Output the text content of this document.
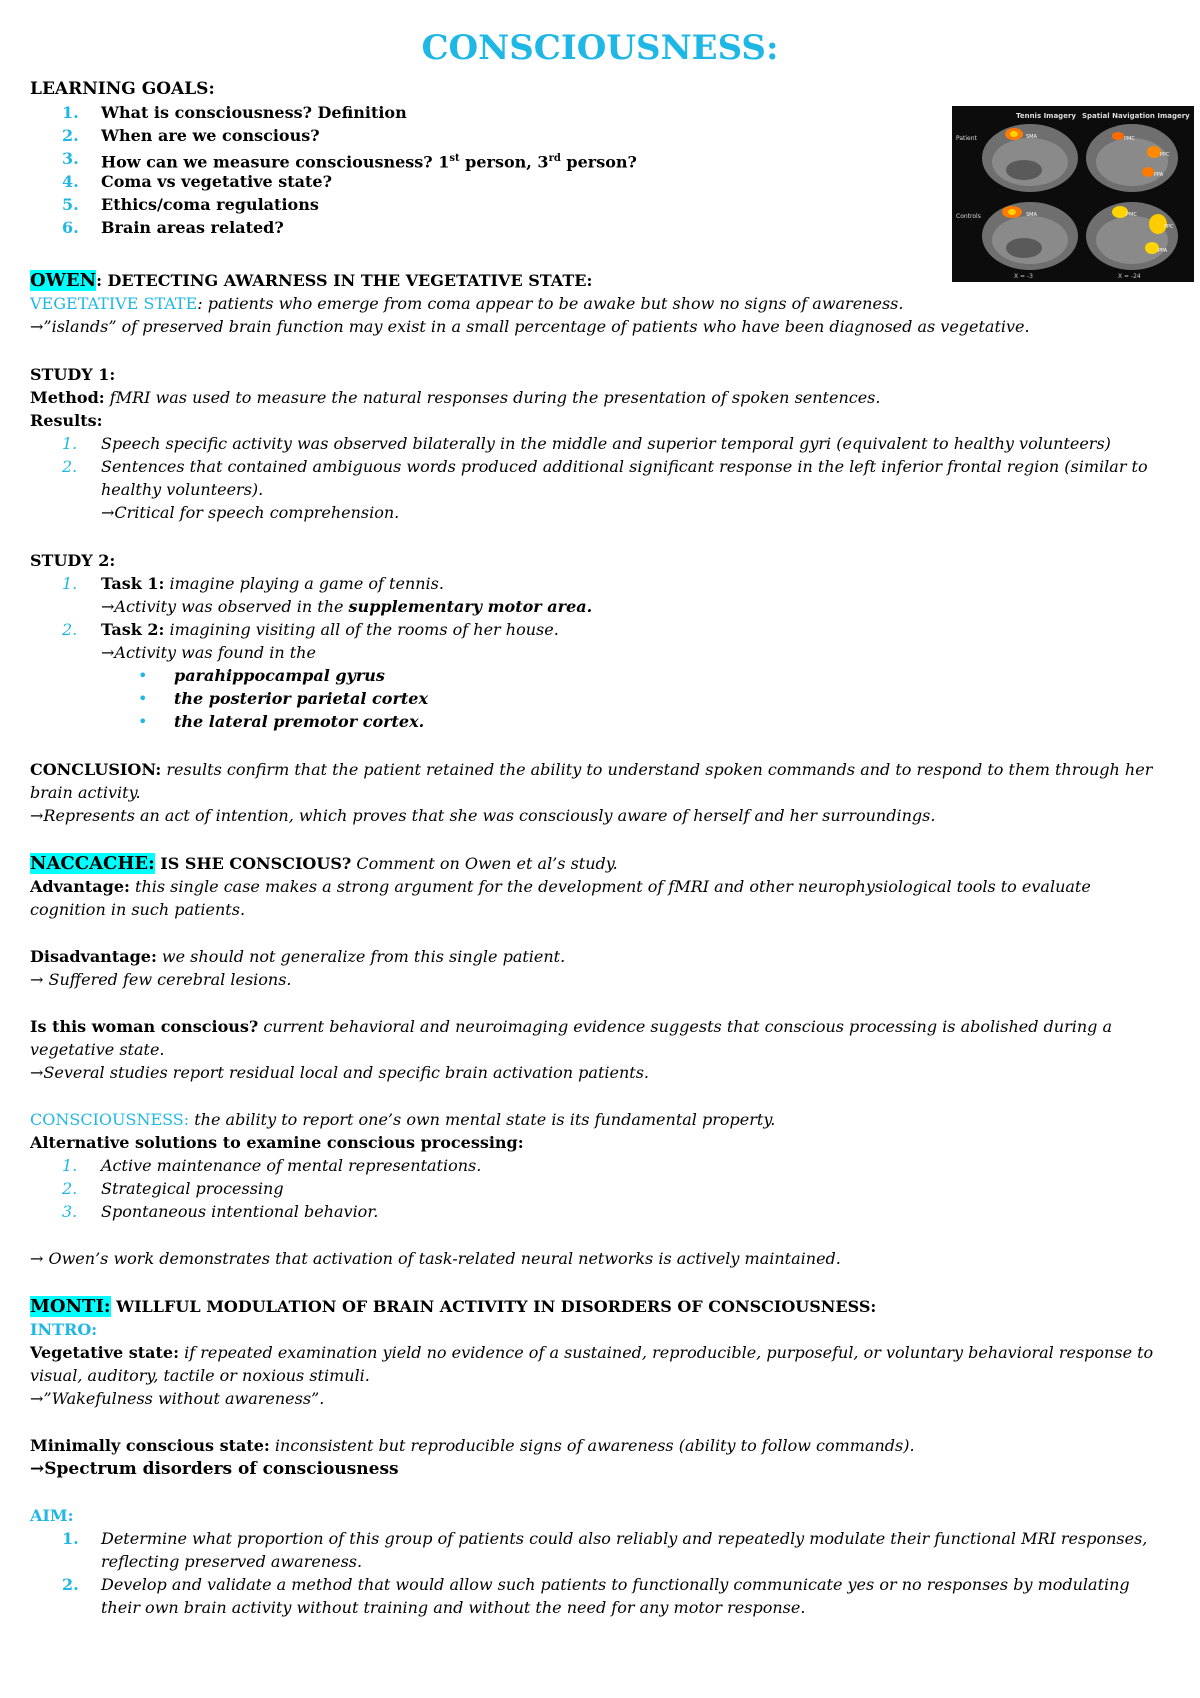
CONSCIOUSNESS:
LEARNING GOALS:
1. What is consciousness? Definition
2. When are we conscious?
3. How can we measure consciousness? 1st person, 3rd person?
4. Coma vs vegetative state?
5. Ethics/coma regulations
6. Brain areas related?
Tennis Imagery Spatial Navigation Imagery
Patient
Controls
SMA	PMC
PPC
PPA
SMA	PMC
PPC
PPA
X = -3	X = -24
OWEN: DETECTING AWARNESS IN THE VEGETATIVE STATE:
VEGETATIVE STATE: patients who emerge from coma appear to be awake but show no signs of awareness.
→”islands” of preserved brain function may exist in a small percentage of patients who have been diagnosed as vegetative.
STUDY 1:
Method: fMRI was used to measure the natural responses during the presentation of spoken sentences.
Results:
1. Speech specific activity was observed bilaterally in the middle and superior temporal gyri (equivalent to healthy volunteers)
2. Sentences that contained ambiguous words produced additional significant response in the left inferior frontal region (similar to
healthy volunteers).
→Critical for speech comprehension.
STUDY 2:
1. Task 1: imagine playing a game of tennis.
→Activity was observed in the supplementary motor area.
2. Task 2: imagining visiting all of the rooms of her house.
→Activity was found in the
• parahippocampal gyrus
• the posterior parietal cortex
• the lateral premotor cortex.
CONCLUSION: results confirm that the patient retained the ability to understand spoken commands and to respond to them through her
brain activity.
→Represents an act of intention, which proves that she was consciously aware of herself and her surroundings.
NACCACHE: IS SHE CONSCIOUS? Comment on Owen et al’s study.
Advantage: this single case makes a strong argument for the development of fMRI and other neurophysiological tools to evaluate
cognition in such patients.
Disadvantage: we should not generalize from this single patient.
→ Suffered few cerebral lesions.
Is this woman conscious? current behavioral and neuroimaging evidence suggests that conscious processing is abolished during a
vegetative state.
→Several studies report residual local and specific brain activation patients.
CONSCIOUSNESS: the ability to report one’s own mental state is its fundamental property.
Alternative solutions to examine conscious processing:
1. Active maintenance of mental representations.
2. Strategical processing
3. Spontaneous intentional behavior.
→ Owen’s work demonstrates that activation of task-related neural networks is actively maintained.
MONTI: WILLFUL MODULATION OF BRAIN ACTIVITY IN DISORDERS OF CONSCIOUSNESS:
INTRO:
Vegetative state: if repeated examination yield no evidence of a sustained, reproducible, purposeful, or voluntary behavioral response to
visual, auditory, tactile or noxious stimuli.
→”Wakefulness without awareness”.
Minimally conscious state: inconsistent but reproducible signs of awareness (ability to follow commands).
→Spectrum disorders of consciousness
AIM:
1. Determine what proportion of this group of patients could also reliably and repeatedly modulate their functional MRI responses,
reflecting preserved awareness.
2. Develop and validate a method that would allow such patients to functionally communicate yes or no responses by modulating
their own brain activity without training and without the need for any motor response.
